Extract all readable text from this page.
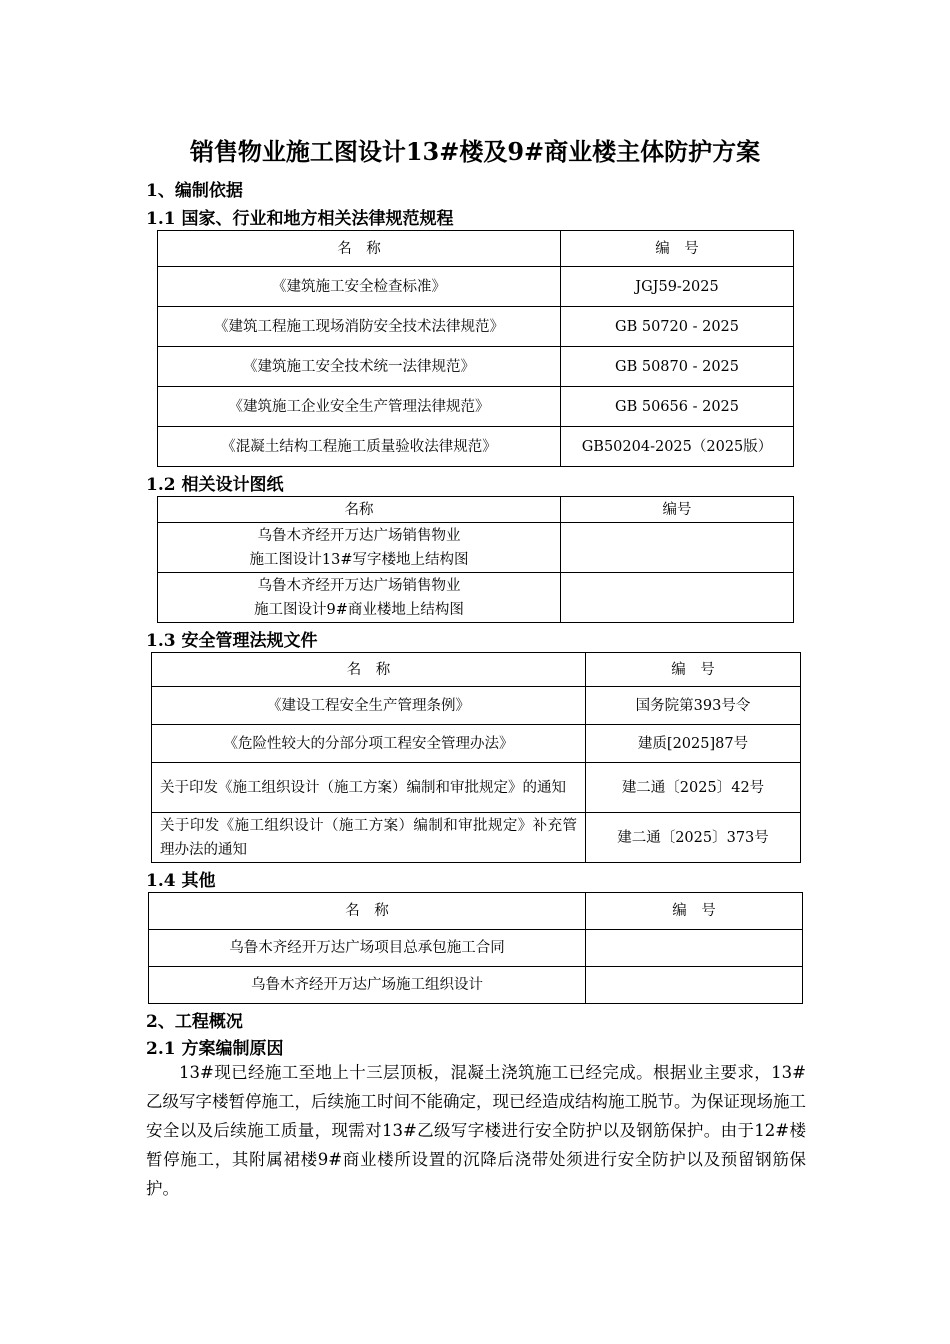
销售物业施工图设计13#楼及9#商业楼主体防护方案
1、编制依据
1.1 国家、行业和地方相关法律规范规程
名　称	编　号
《建筑施工安全检查标准》	JGJ59-2025
《建筑工程施工现场消防安全技术法律规范》	GB 50720 - 2025
《建筑施工安全技术统一法律规范》	GB 50870 - 2025
《建筑施工企业安全生产管理法律规范》	GB 50656 - 2025
《混凝土结构工程施工质量验收法律规范》	GB50204-2025（2025版）
1.2 相关设计图纸
名称	编号

乌鲁木齐经开万达广场销售物业
施工图设计13#写字楼地上结构图	

乌鲁木齐经开万达广场销售物业
施工图设计9#商业楼地上结构图	

1.3 安全管理法规文件
名　称	编　号
《建设工程安全生产管理条例》	国务院第393号令
《危险性较大的分部分项工程安全管理办法》	建质[2025]87号
关于印发《施工组织设计（施工方案）编制和审批规定》的通知	建二通〔2025〕42号
关于印发《施工组织设计（施工方案）编制和审批规定》补充管理办法的通知	建二通〔2025〕373号
1.4 其他
名　称	编　号
乌鲁木齐经开万达广场项目总承包施工合同	
乌鲁木齐经开万达广场施工组织设计	
2、工程概况
2.1 方案编制原因
13#现已经施工至地上十三层顶板，混凝土浇筑施工已经完成。根据业主要求，13#乙级写字楼暂停施工，后续施工时间不能确定，现已经造成结构施工脱节。为保证现场施工安全以及后续施工质量，现需对13#乙级写字楼进行安全防护以及钢筋保护。由于12#楼暂停施工，其附属裙楼9#商业楼所设置的沉降后浇带处须进行安全防护以及预留钢筋保护。
